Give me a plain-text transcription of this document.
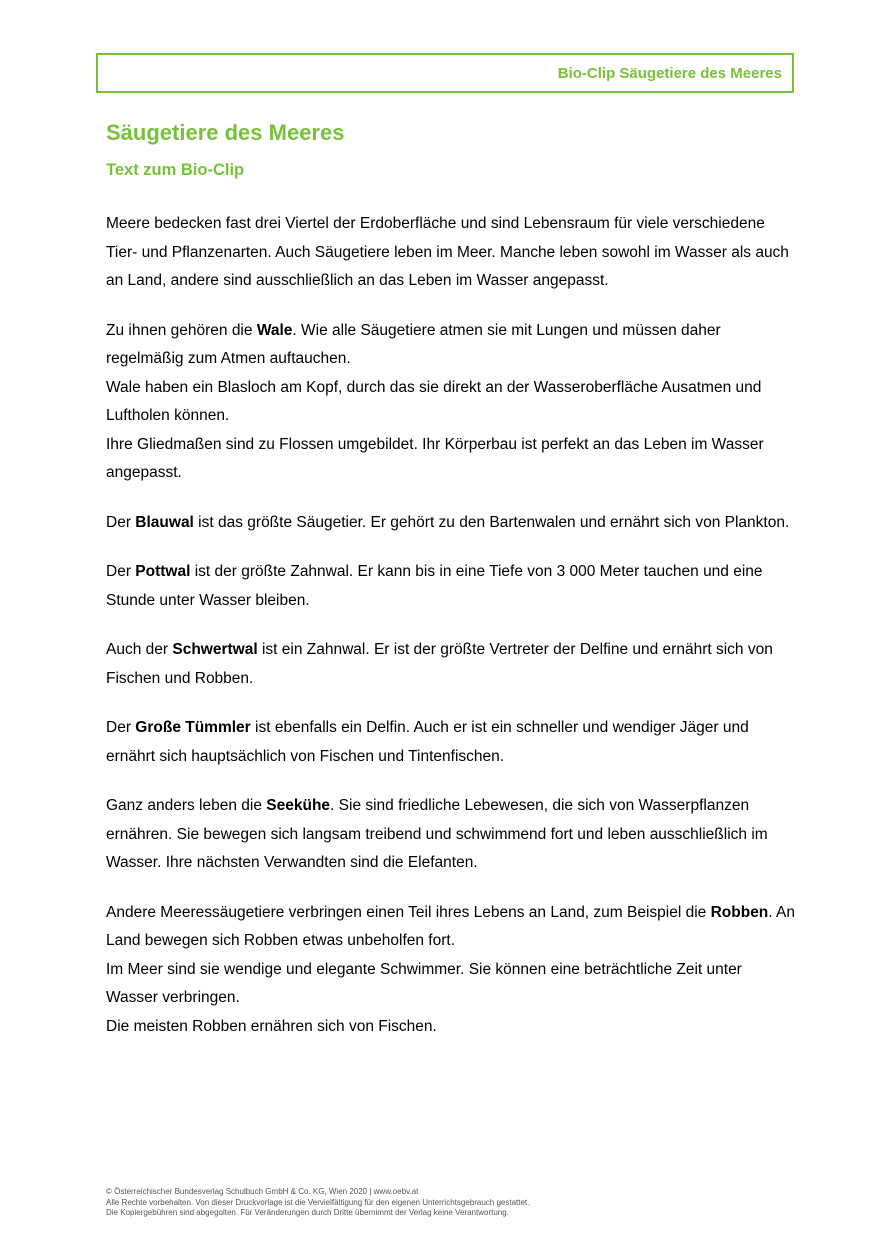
Bio-Clip Säugetiere des Meeres
Säugetiere des Meeres
Text zum Bio-Clip

Meere bedecken fast drei Viertel der Erdoberfläche und sind Lebensraum für viele verschiedene Tier- und Pflanzenarten. Auch Säugetiere leben im Meer. Manche leben sowohl im Wasser als auch an Land, andere sind ausschließlich an das Leben im Wasser angepasst.

Zu ihnen gehören die Wale. Wie alle Säugetiere atmen sie mit Lungen und müssen daher regelmäßig zum Atmen auftauchen.
Wale haben ein Blasloch am Kopf, durch das sie direkt an der Wasseroberfläche Ausatmen und Luftholen können.
Ihre Gliedmaßen sind zu Flossen umgebildet. Ihr Körperbau ist perfekt an das Leben im Wasser angepasst.

Der Blauwal ist das größte Säugetier. Er gehört zu den Bartenwalen und ernährt sich von Plankton.

Der Pottwal ist der größte Zahnwal. Er kann bis in eine Tiefe von 3 000 Meter tauchen und eine Stunde unter Wasser bleiben.

Auch der Schwertwal ist ein Zahnwal. Er ist der größte Vertreter der Delfine und ernährt sich von Fischen und Robben.

Der Große Tümmler ist ebenfalls ein Delfin. Auch er ist ein schneller und wendiger Jäger und ernährt sich hauptsächlich von Fischen und Tintenfischen.

Ganz anders leben die Seekühe. Sie sind friedliche Lebewesen, die sich von Wasserpflanzen ernähren. Sie bewegen sich langsam treibend und schwimmend fort und leben ausschließlich im Wasser. Ihre nächsten Verwandten sind die Elefanten.

Andere Meeressäugetiere verbringen einen Teil ihres Lebens an Land, zum Beispiel die Robben. An Land bewegen sich Robben etwas unbeholfen fort.
Im Meer sind sie wendige und elegante Schwimmer. Sie können eine beträchtliche Zeit unter Wasser verbringen.
Die meisten Robben ernähren sich von Fischen.

© Österreichischer Bundesverlag Schulbuch GmbH & Co. KG, Wien 2020 | www.oebv.at
Alle Rechte vorbehalten. Von dieser Druckvorlage ist die Vervielfältigung für den eigenen Unterrichtsgebrauch gestattet.
Die Kopiergebühren sind abgegolten. Für Veränderungen durch Dritte übernimmt der Verlag keine Verantwortung.
